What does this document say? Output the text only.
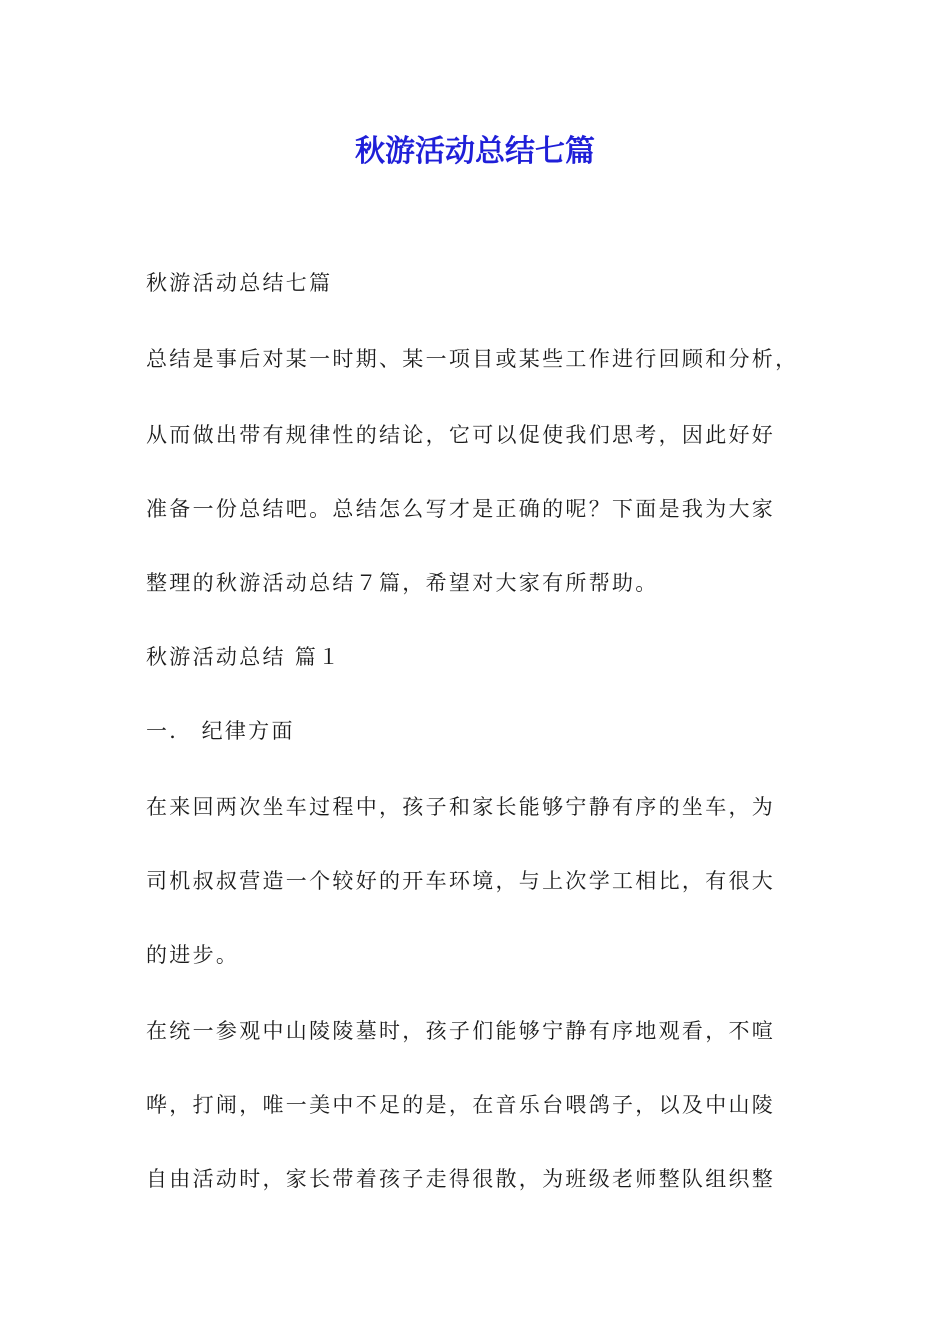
秋游活动总结七篇

秋游活动总结七篇

总结是事后对某一时期、某一项目或某些工作进行回顾和分析，

从而做出带有规律性的结论，它可以促使我们思考，因此好好

准备一份总结吧。总结怎么写才是正确的呢？下面是我为大家

整理的秋游活动总结７篇，希望对大家有所帮助。

秋游活动总结 篇１

一． 纪律方面

在来回两次坐车过程中，孩子和家长能够宁静有序的坐车，为

司机叔叔营造一个较好的开车环境，与上次学工相比，有很大

的进步。

在统一参观中山陵陵墓时，孩子们能够宁静有序地观看，不喧

哗，打闹，唯一美中不足的是，在音乐台喂鸽子，以及中山陵

自由活动时，家长带着孩子走得很散，为班级老师整队组织整
